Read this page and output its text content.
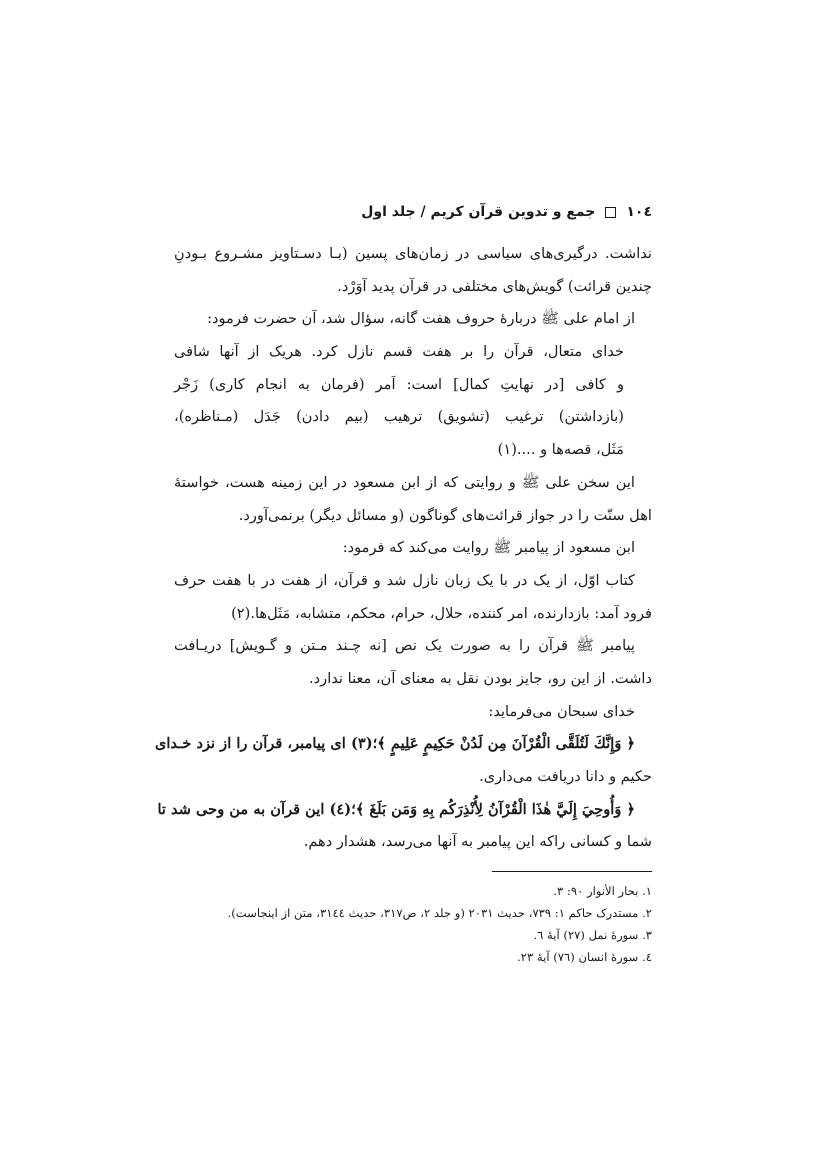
١٠٤
جمع و تدوین قرآن کریم / جلد اول
نداشت. درگیری‌های سیاسی در زمان‌های پسین (بـا دسـتاویز مشـروع بـودنِ
چندین قرائت) گویش‌های مختلفی در قرآن پدید آوَرْد.
از امام علی ﷺ دربارهٔ حروف هفت گانه، سؤال شد، آن حضرت فرمود:
خدای متعال، قرآن را بر هفت قسم نازل کرد. هریک از آنها شافی
و کافی [در نهایتِ کمال] است: اَمر (فرمان به انجام کاری) زَجْر
(بازداشتن) ترغیب (تشویق) ترهیب (بیم دادن) جَدَل (مـناظره)،
مَثَل، قصه‌ها و ....(١)
این سخن علی ﷺ و روایتی که از ابن مسعود در این زمینه هست، خواستهٔ
اهل سنّت را در جواز قرائت‌های گوناگون (و مسائل دیگر) برنمی‌آورد.
ابن مسعود از پیامبر ﷺ روایت می‌کند که فرمود:
کتاب اوّل، از یک در با یک زبان نازل شد و قرآن، از هفت در با هفت حرف
فرود آمد: بازدارنده، امر کننده، حلال، حرام، محکم، متشابه، مَثَل‌ها.(٢)
پیامبر ﷺ قرآن را به صورت یک نص [نه چـند مـتن و گـویش] دریـافت
داشت. از این رو، جایز بودن نقل به معنای آن، معنا ندارد.
خدای سبحان می‌فرماید:
﴿ وَإِنَّكَ لَتُلَقَّى الْقُرْآنَ مِن لَدُنْ حَكِيمٍ عَلِيمٍ ﴾؛(٣) ای پیامبر، قرآن را از نزد خـدای
حکیم و دانا دریافت می‌داری.
﴿ وَأُوحِيَ إِلَيَّ هٰذَا الْقُرْآنُ لِأُنْذِرَكُم بِهِ وَمَن بَلَغَ ﴾؛(٤) این قرآن به من وحی شد تا
شما و کسانی راکه این پیامبر به آنها می‌رسد، هشدار دهم.
١. بحار الأنوار ٩٠: ٣.
٢. مستدرک حاکم ١: ٧٣٩، حدیث ٢٠٣١ (و جلد ٢، ص٣١٧، حدیث ٣١٤٤، متن از اینجاست).
٣. سورهٔ نمل (٢٧) آیهٔ ٦.
٤. سورهٔ انسان (٧٦) آیهٔ ٢٣.
